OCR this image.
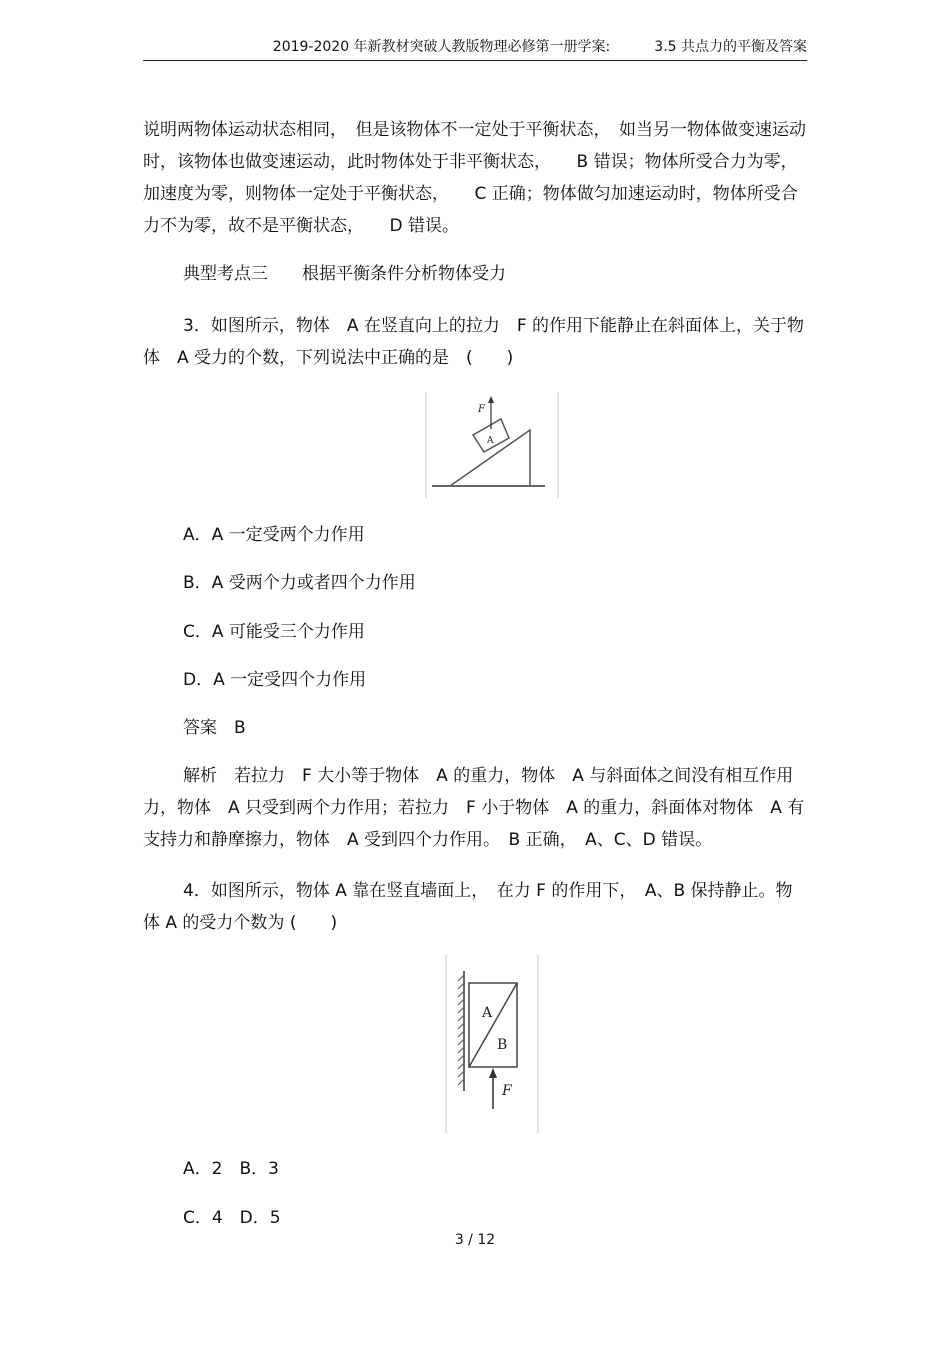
2019-2020 年新教材突破人教版物理必修第一册学案:	3.5 共点力的平衡及答案
说明两物体运动状态相同，　但是该物体不一定处于平衡状态，　如当另一物体做变速运动时，该物体也做变速运动，此时物体处于非平衡状态，　　B 错误；物体所受合力为零，加速度为零，则物体一定处于平衡状态，　　C 正确；物体做匀加速运动时，物体所受合力不为零，故不是平衡状态，　　D 错误。
典型考点三　　根据平衡条件分析物体受力
3．如图所示，物体　A 在竖直向上的拉力　F 的作用下能静止在斜面体上，关于物体　A 受力的个数，下列说法中正确的是　(　　)
F
A
A．A 一定受两个力作用
B．A 受两个力或者四个力作用
C．A 可能受三个力作用
D．A 一定受四个力作用
答案　B
解析　若拉力　F 大小等于物体　A 的重力，物体　A 与斜面体之间没有相互作用力，物体　A 只受到两个力作用；若拉力　F 小于物体　A 的重力，斜面体对物体　A 有支持力和静摩擦力，物体　A 受到四个力作用。　B 正确，　A、C、D 错误。
4．如图所示，物体 A 靠在竖直墙面上，　在力 F 的作用下，　A、B 保持静止。物体 A 的受力个数为 (　　)
A
B
F
A．2　B．3
C．4　D．5
3 / 12
